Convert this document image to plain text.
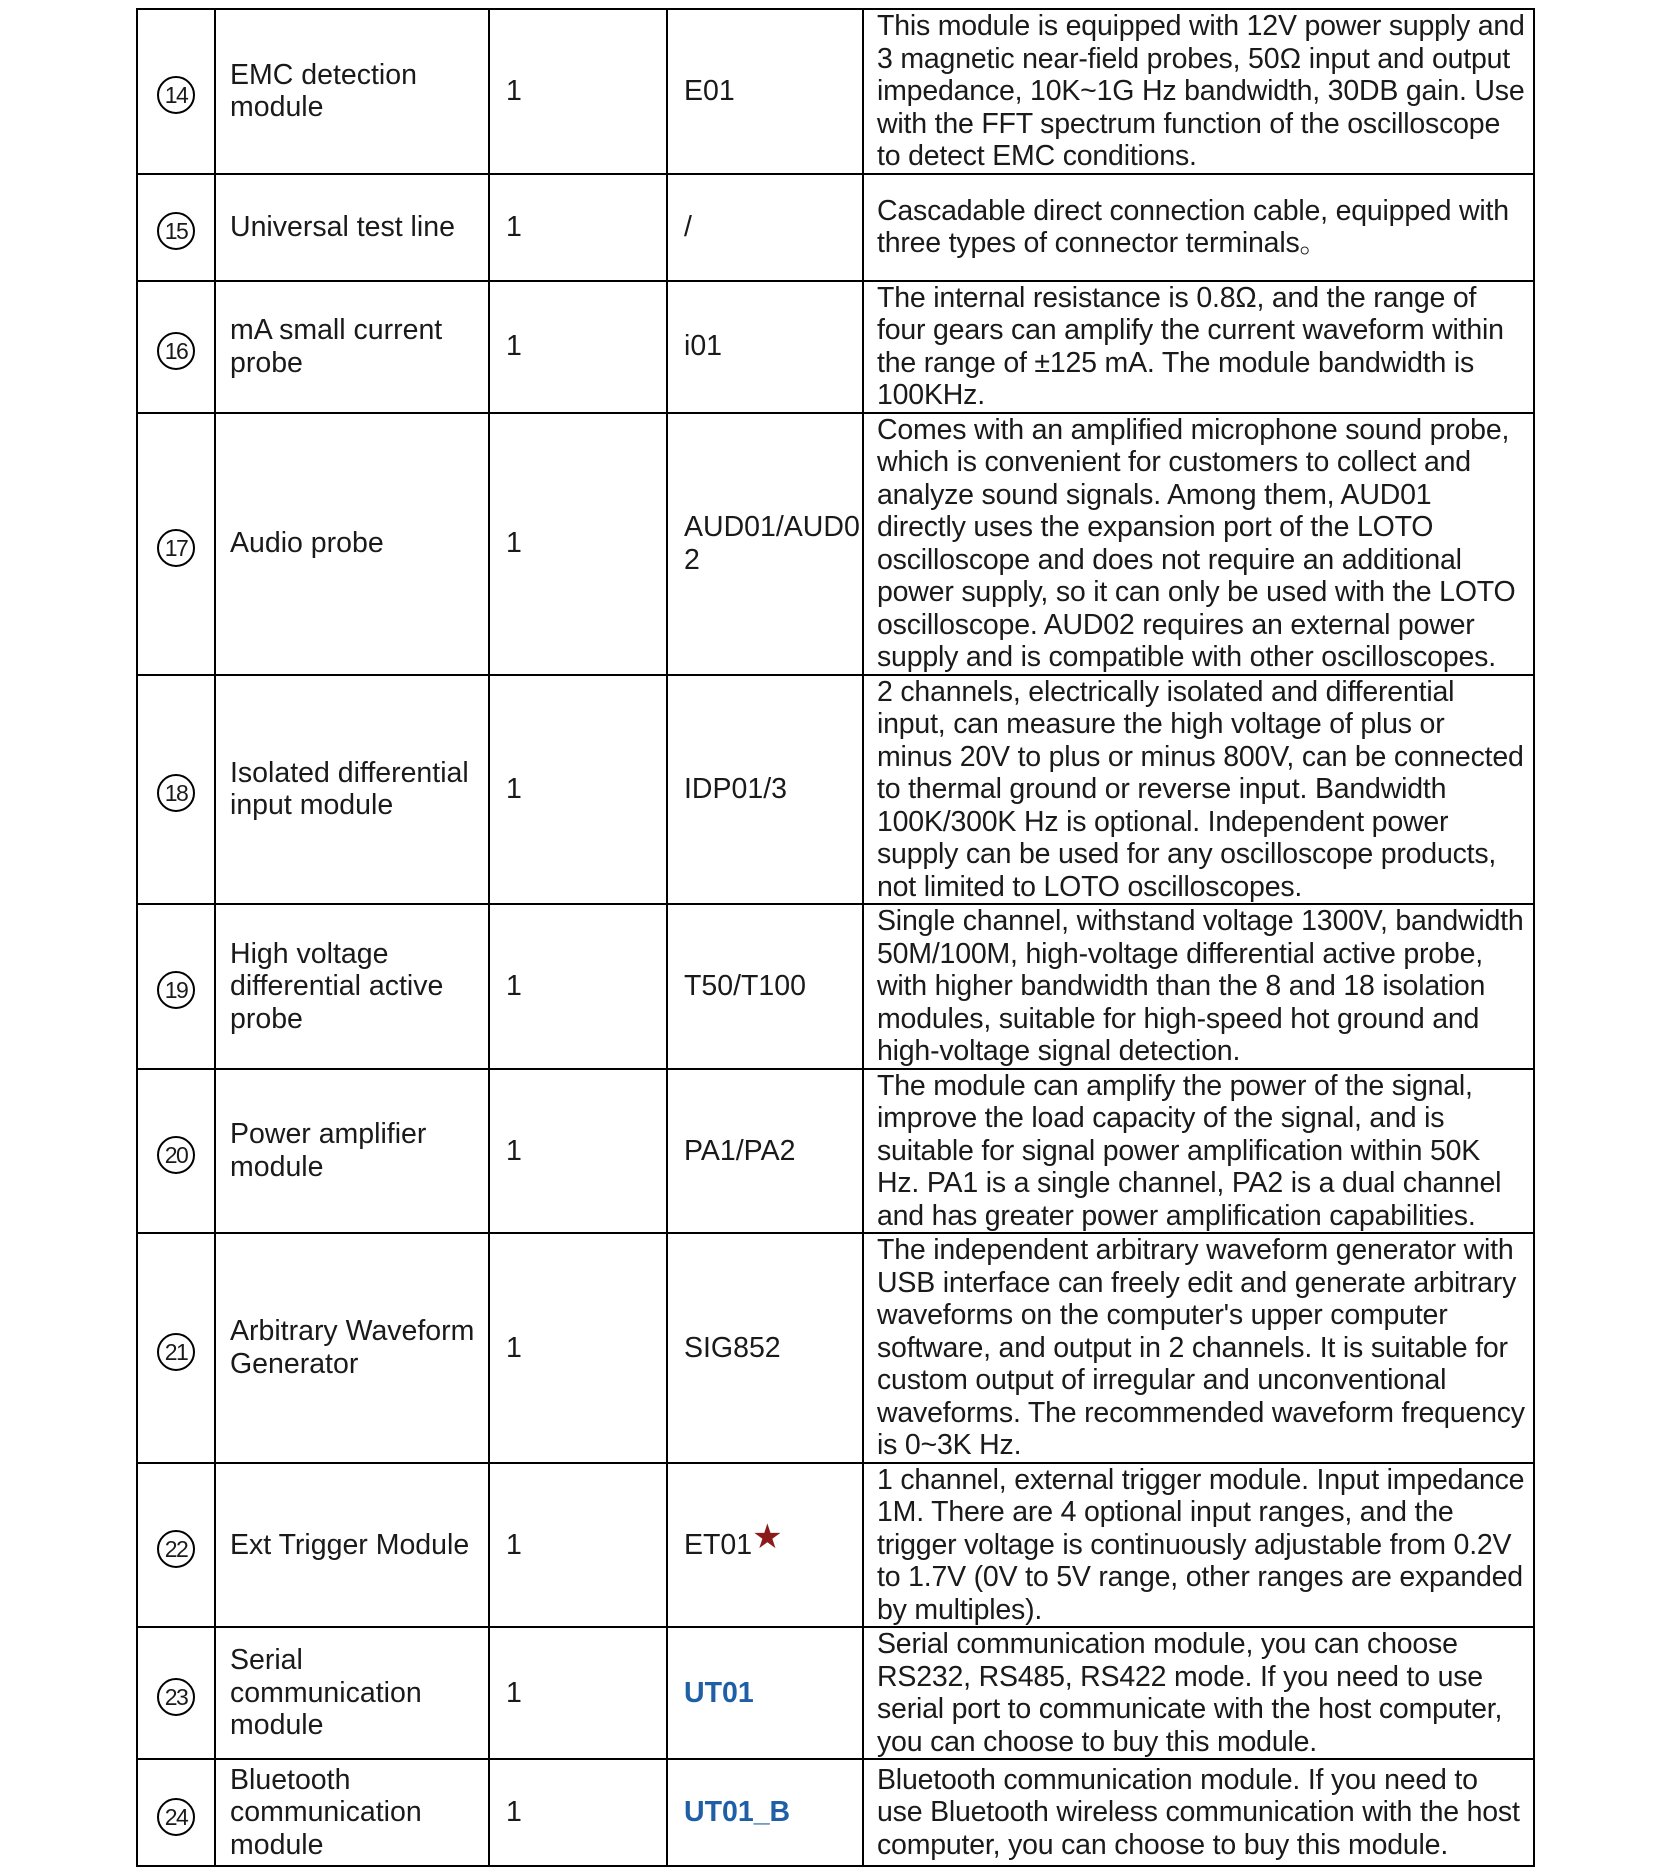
14	EMC detection module	1	E01	This module is equipped with 12V power supply and 3 magnetic near-field probes, 50Ω input and output impedance, 10K~1G Hz bandwidth, 30DB gain. Use with the FFT spectrum function of the oscilloscope to detect EMC conditions.
15	Universal test line	1	/	Cascadable direct connection cable, equipped with three types of connector terminals。
16	mA small current probe	1	i01	The internal resistance is 0.8Ω, and the range of four gears can amplify the current waveform within the range of ±125 mA. The module bandwidth is 100KHz.
17	Audio probe	1	AUD01/AUD02	Comes with an amplified microphone sound probe, which is convenient for customers to collect and analyze sound signals. Among them, AUD01 directly uses the expansion port of the LOTO oscilloscope and does not require an additional power supply, so it can only be used with the LOTO oscilloscope. AUD02 requires an external power supply and is compatible with other oscilloscopes.
18	Isolated differential input module	1	IDP01/3	2 channels, electrically isolated and differential input, can measure the high voltage of plus or minus 20V to plus or minus 800V, can be connected to thermal ground or reverse input. Bandwidth 100K/300K Hz is optional. Independent power supply can be used for any oscilloscope products, not limited to LOTO oscilloscopes.
19	High voltage differential active probe	1	T50/T100	Single channel, withstand voltage 1300V, bandwidth 50M/100M, high-voltage differential active probe, with higher bandwidth than the 8 and 18 isolation modules, suitable for high-speed hot ground and high-voltage signal detection.
20	Power amplifier module	1	PA1/PA2	The module can amplify the power of the signal, improve the load capacity of the signal, and is suitable for signal power amplification within 50K Hz. PA1 is a single channel, PA2 is a dual channel and has greater power amplification capabilities.
21	Arbitrary Waveform Generator	1	SIG852	The independent arbitrary waveform generator with USB interface can freely edit and generate arbitrary waveforms on the computer's upper computer software, and output in 2 channels. It is suitable for custom output of irregular and unconventional waveforms. The recommended waveform frequency is 0~3K Hz.
22	Ext Trigger Module	1	ET01★	1 channel, external trigger module. Input impedance 1M. There are 4 optional input ranges, and the trigger voltage is continuously adjustable from 0.2V to 1.7V (0V to 5V range, other ranges are expanded by multiples).
23	Serial communication module	1	UT01	Serial communication module, you can choose RS232, RS485, RS422 mode. If you need to use serial port to communicate with the host computer, you can choose to buy this module.
24	Bluetooth communication module	1	UT01_B	Bluetooth communication module. If you need to use Bluetooth wireless communication with the host computer, you can choose to buy this module.
